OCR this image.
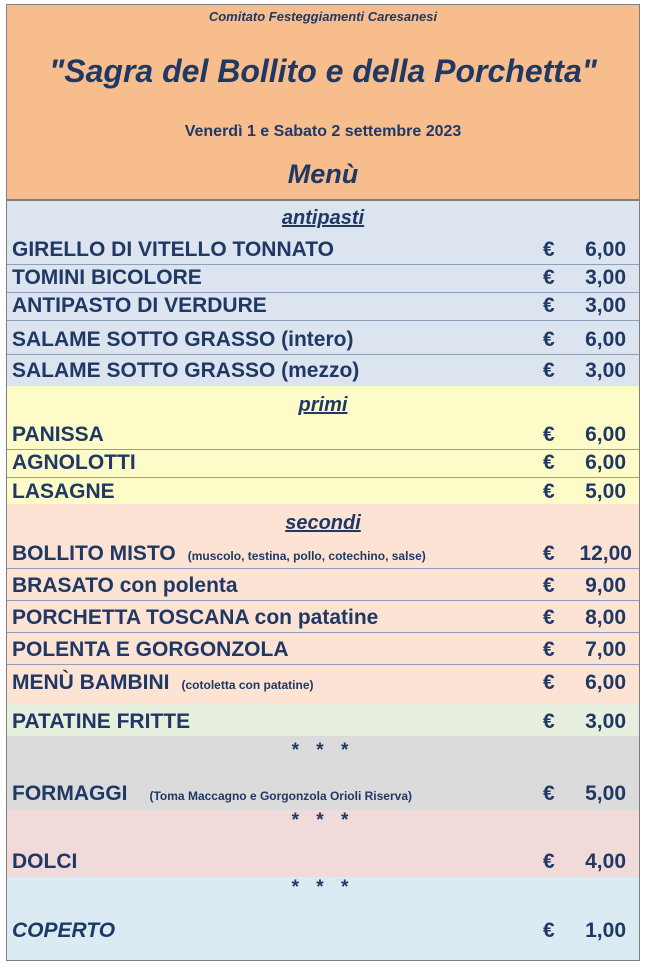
Comitato Festeggiamenti Caresanesi
"Sagra del Bollito e della Porchetta"
Venerdì 1 e Sabato 2 settembre 2023
Menù
antipasti
GIRELLO DI VITELLO TONNATO	€ 6,00
TOMINI BICOLORE	€ 3,00
ANTIPASTO DI VERDURE	€ 3,00
SALAME SOTTO GRASSO (intero)	€ 6,00
SALAME SOTTO GRASSO (mezzo)	€ 3,00
primi
PANISSA	€ 6,00
AGNOLOTTI	€ 6,00
LASAGNE	€ 5,00
secondi
BOLLITO MISTO (muscolo, testina, pollo, cotechino, salse)	€ 12,00
BRASATO con polenta	€ 9,00
PORCHETTA TOSCANA con patatine	€ 8,00
POLENTA E GORGONZOLA	€ 7,00
MENÙ BAMBINI (cotoletta con patatine)	€ 6,00
PATATINE FRITTE	€ 3,00
* * *
FORMAGGI (Toma Maccagno e Gorgonzola Orioli Riserva)	€ 5,00
* * *
DOLCI	€ 4,00
* * *
COPERTO	€ 1,00
